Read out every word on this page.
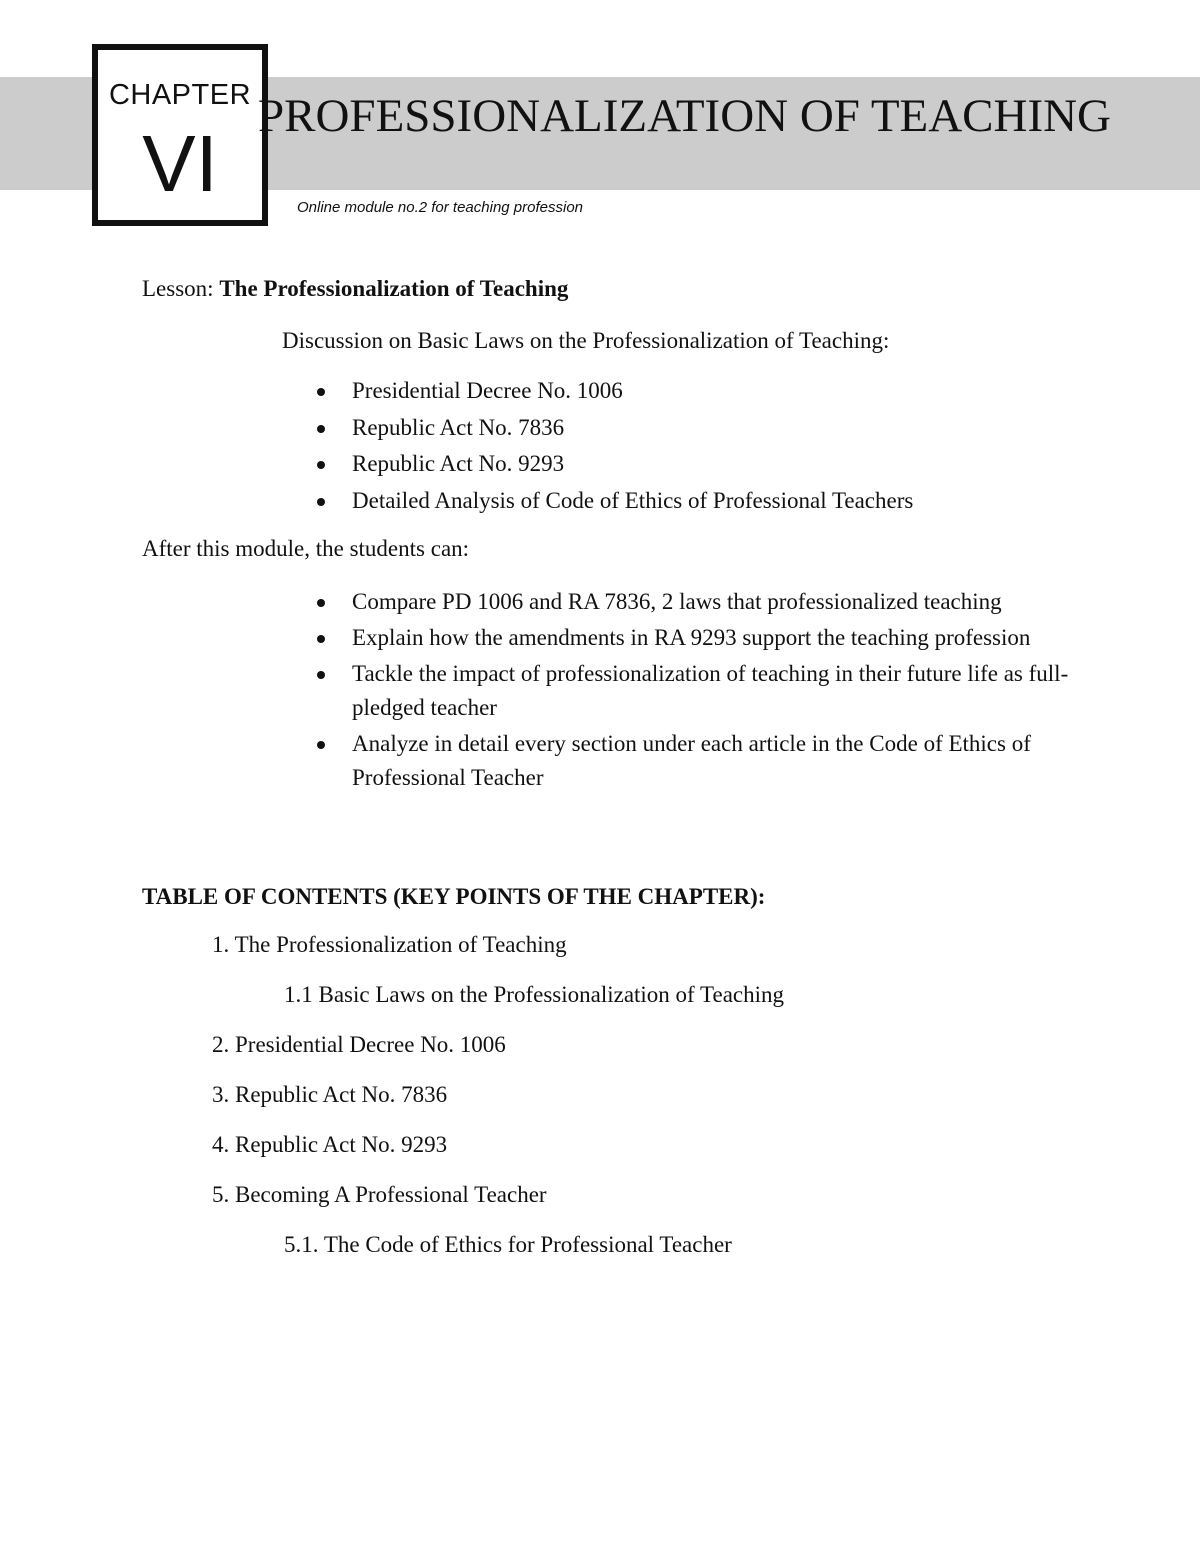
CHAPTER
VI
PROFESSIONALIZATION OF TEACHING
Online module no.2 for teaching profession
Lesson: The Professionalization of Teaching
Discussion on Basic Laws on the Professionalization of Teaching:
Presidential Decree No. 1006
Republic Act No. 7836
Republic Act No. 9293
Detailed Analysis of Code of Ethics of Professional Teachers
After this module, the students can:
Compare PD 1006 and RA 7836, 2 laws that professionalized teaching
Explain how the amendments in RA 9293 support the teaching profession
Tackle the impact of professionalization of teaching in their future life as full-pledged teacher
Analyze in detail every section under each article in the Code of Ethics of Professional Teacher
TABLE OF CONTENTS (KEY POINTS OF THE CHAPTER):
1. The Professionalization of Teaching
1.1 Basic Laws on the Professionalization of Teaching
2. Presidential Decree No. 1006
3. Republic Act No. 7836
4. Republic Act No. 9293
5. Becoming A Professional Teacher
5.1. The Code of Ethics for Professional Teacher
